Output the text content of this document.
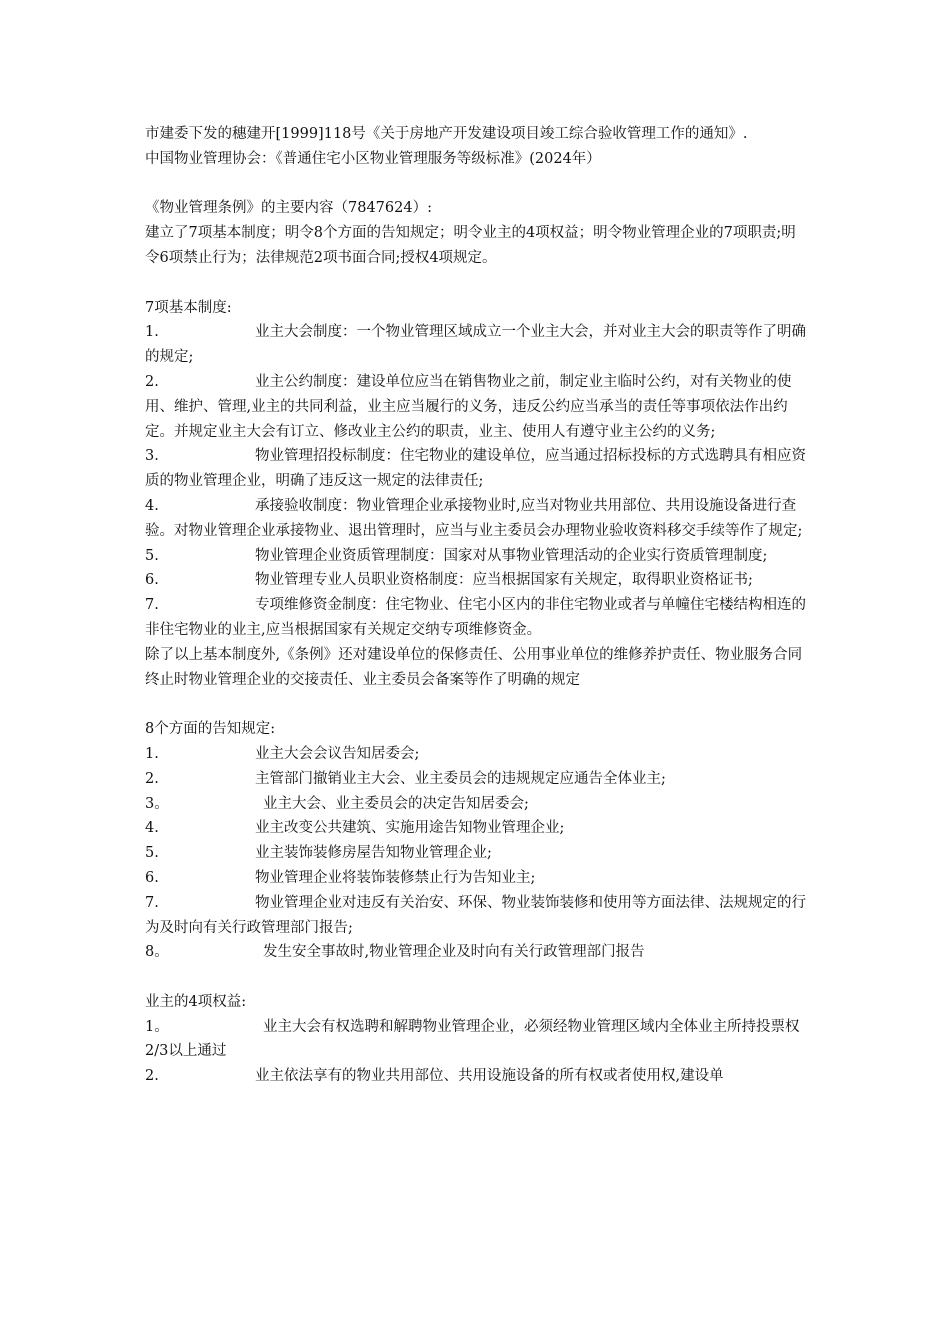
市建委下发的穗建开[1999]118号《关于房地产开发建设项目竣工综合验收管理工作的通知》.

中国物业管理协会：《普通住宅小区物业管理服务等级标准》(2024年）

《物业管理条例》的主要内容（7847624）:

建立了7项基本制度；明令8个方面的告知规定；明令业主的4项权益；明令物业管理企业的7项职责;明令6项禁止行为；法律规范2项书面合同;授权4项规定。

7项基本制度:

1.	业主大会制度：一个物业管理区域成立一个业主大会，并对业主大会的职责等作了明确的规定;

2.	业主公约制度：建设单位应当在销售物业之前，制定业主临时公约，对有关物业的使用、维护、管理,业主的共同利益，业主应当履行的义务，违反公约应当承当的责任等事项依法作出约定。并规定业主大会有订立、修改业主公约的职责，业主、使用人有遵守业主公约的义务;

3.	物业管理招投标制度：住宅物业的建设单位，应当通过招标投标的方式选聘具有相应资质的物业管理企业，明确了违反这一规定的法律责任;

4.	承接验收制度：物业管理企业承接物业时,应当对物业共用部位、共用设施设备进行查验。对物业管理企业承接物业、退出管理时，应当与业主委员会办理物业验收资料移交手续等作了规定;

5.	物业管理企业资质管理制度：国家对从事物业管理活动的企业实行资质管理制度;

6.	物业管理专业人员职业资格制度：应当根据国家有关规定，取得职业资格证书;

7.	专项维修资金制度：住宅物业、住宅小区内的非住宅物业或者与单幢住宅楼结构相连的非住宅物业的业主,应当根据国家有关规定交纳专项维修资金。

除了以上基本制度外,《条例》还对建设单位的保修责任、公用事业单位的维修养护责任、物业服务合同终止时物业管理企业的交接责任、业主委员会备案等作了明确的规定

8个方面的告知规定:

1.	业主大会会议告知居委会;

2.	主管部门撤销业主大会、业主委员会的违规规定应通告全体业主;

3。	业主大会、业主委员会的决定告知居委会;

4.	业主改变公共建筑、实施用途告知物业管理企业;

5.	业主装饰装修房屋告知物业管理企业;

6.	物业管理企业将装饰装修禁止行为告知业主;

7.	物业管理企业对违反有关治安、环保、物业装饰装修和使用等方面法律、法规规定的行为及时向有关行政管理部门报告;

8。	发生安全事故时,物业管理企业及时向有关行政管理部门报告

业主的4项权益:

1。	业主大会有权选聘和解聘物业管理企业，必须经物业管理区域内全体业主所持投票权2/3以上通过

2.	业主依法享有的物业共用部位、共用设施设备的所有权或者使用权,建设单
